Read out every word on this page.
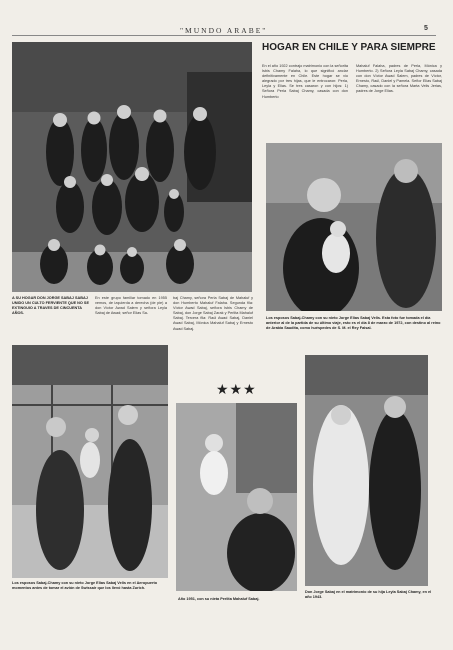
"MUNDO ARABE"	5
HOGAR EN CHILE Y PARA SIEMPRE
En el año 1922 contrajo matrimonio con la señorita Isbis Chamy Falaha, lo que significó anclar definitivamente en Chile. Este hogar se vio alegrado por tres hijas, que le entrocaron: Perla, Leyla y Elias. Se tres casaron y con hijos: 1) Señora Perla Sabaj Chamy, casada con don Humberto
Mahaluf Falaha, padres de Perla, Mónica y Humberto. 2) Señora Leyla Sabaj Chamy, casada con don Víctor Awad Salem, padres de Víctor, Ernesto, Raúl, Daniel y Pamela. Señor Elias Sabaj Chamy, casado con la señora Marta Velis Jerias, padres de Jorge Elias.
Los esposos Sabaj-Chamy con su nieto Jorge Elias Sabaj Velis. Esta foto fue tomada el día anterior al de la partida de su último viaje, esto es el día 8 de marzo de 1972, con destino al reino de Arabia Saudita, como huéspedes de S. M. el Rey Faisal.
A SU HOGAR DON JORGE SABAJ SABAJ UNIDO UN CULTO FERVIENTE QUE NO SE EXTINGUIO A TRAVES DE CINCUENTA AÑOS.
En este grupo familiar tomado en 1955 vemos, de izquierda a derecha (de pie) a don Víctor Awad Salem y señora Leyla Sabaj de Awad; señor Elias Sa-
baj Chamy, señora Perla Sabaj de Mahaluf y don Humberto Mahaluf Falaha. Segunda fila: Víctor Awad Sabaj, señora Isbis Chamy de Sabaj, don Jorge Sabaj Zarak y Perlita Mahaluf Sabaj. Tercera fila: Raúl Awad Sabaj, Daniel Awad Sabaj, Mónica Mahaluf Sabaj y Ernesto Awad Sabaj.
Los esposos Sabaj-Chamy con su nieto Jorge Elias Sabaj Velis en el Aeropuerto momentos antes de tomar el avión de Swissair que los llevó hasta Zurich.
★★★
Año 1951, con su nieta Perlita Mahaluf Sabaj.
Don Jorge Sabaj en el matrimonio de su hija Leyla Sabaj Chamy, en el año 1943.
